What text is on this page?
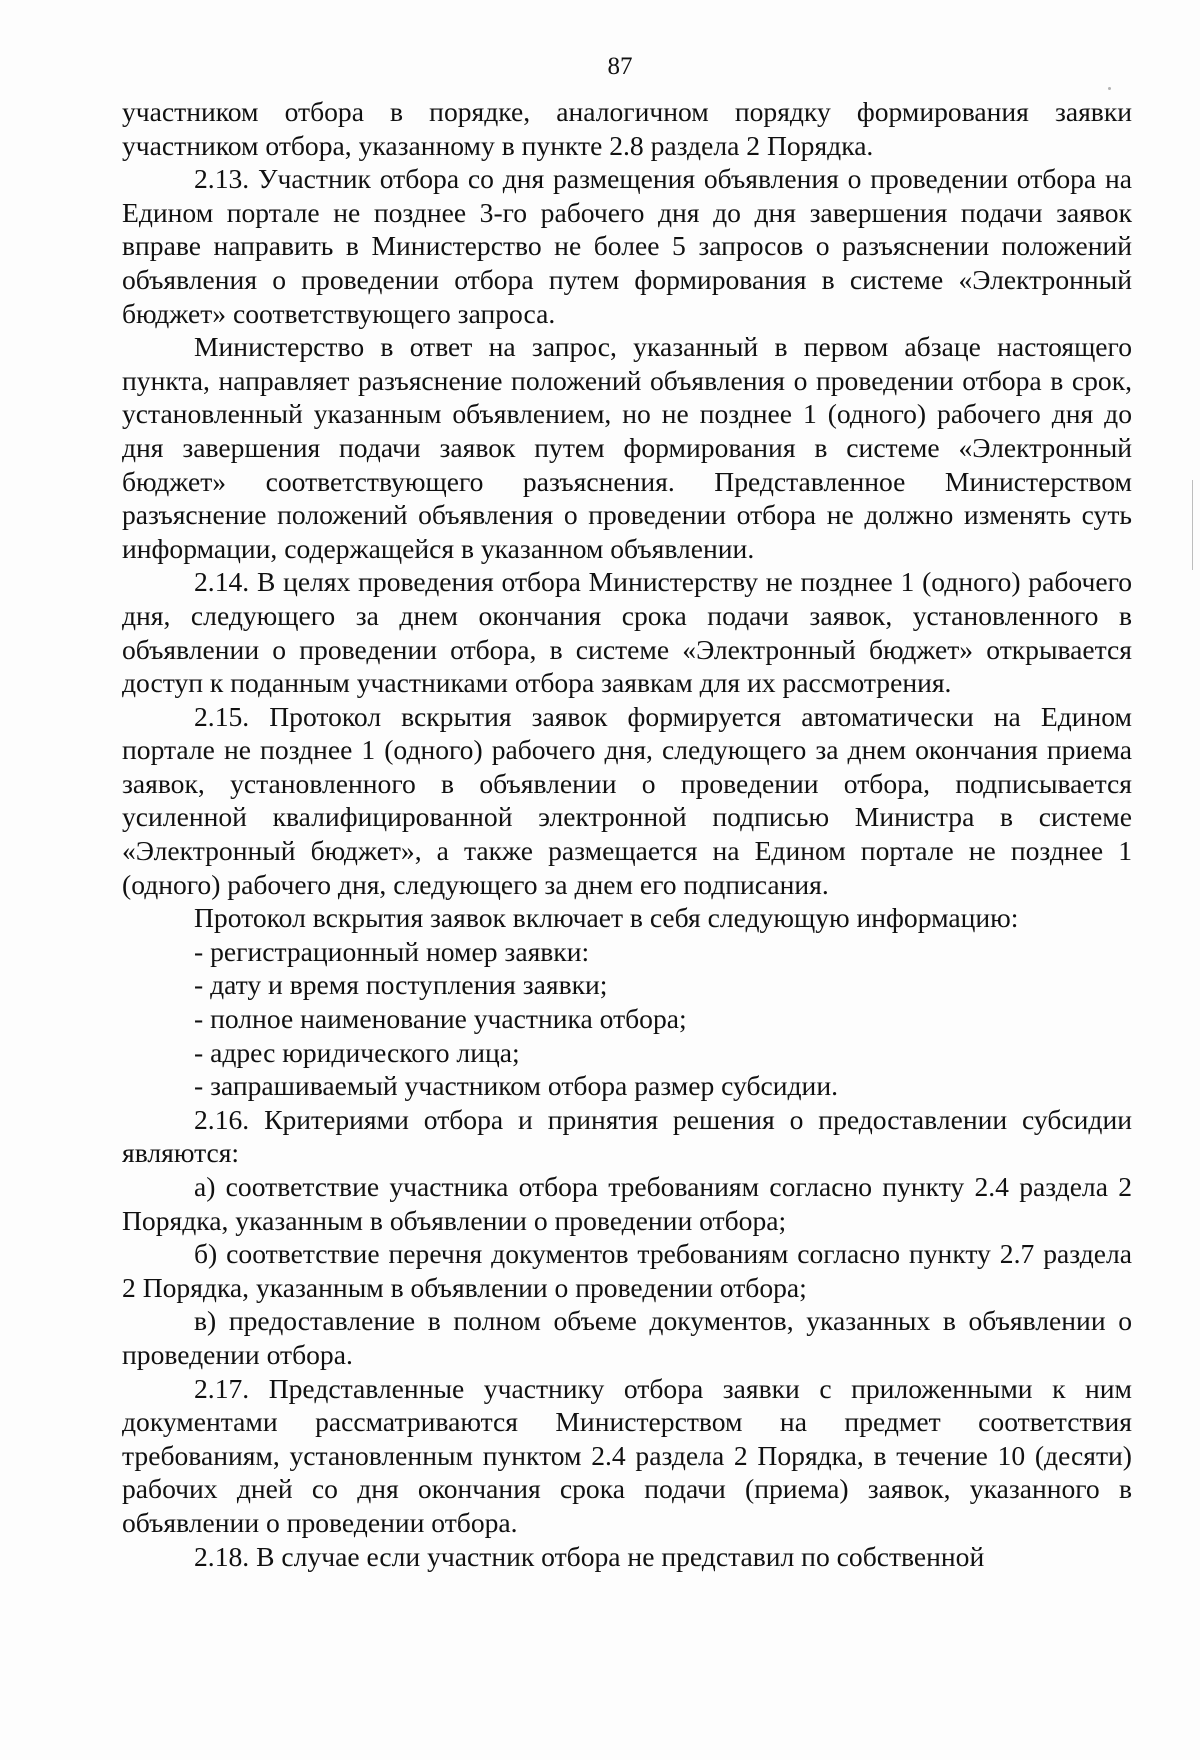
87

участником отбора в порядке, аналогичном порядку формирования заявки участником отбора, указанному в пункте 2.8 раздела 2 Порядка.

2.13. Участник отбора со дня размещения объявления о проведении отбора на Едином портале не позднее 3-го рабочего дня до дня завершения подачи заявок вправе направить в Министерство не более 5 запросов о разъяснении положений объявления о проведении отбора путем формирования в системе «Электронный бюджет» соответствующего запроса.

Министерство в ответ на запрос, указанный в первом абзаце настоящего пункта, направляет разъяснение положений объявления о проведении отбора в срок, установленный указанным объявлением, но не позднее 1 (одного) рабочего дня до дня завершения подачи заявок путем формирования в системе «Электронный бюджет» соответствующего разъяснения. Представленное Министерством разъяснение положений объявления о проведении отбора не должно изменять суть информации, содержащейся в указанном объявлении.

2.14. В целях проведения отбора Министерству не позднее 1 (одного) рабочего дня, следующего за днем окончания срока подачи заявок, установленного в объявлении о проведении отбора, в системе «Электронный бюджет» открывается доступ к поданным участниками отбора заявкам для их рассмотрения.

2.15. Протокол вскрытия заявок формируется автоматически на Едином портале не позднее 1 (одного) рабочего дня, следующего за днем окончания приема заявок, установленного в объявлении о проведении отбора, подписывается усиленной квалифицированной электронной подписью Министра в системе «Электронный бюджет», а также размещается на Едином портале не позднее 1 (одного) рабочего дня, следующего за днем его подписания.

Протокол вскрытия заявок включает в себя следующую информацию:

- регистрационный номер заявки:

- дату и время поступления заявки;

- полное наименование участника отбора;

- адрес юридического лица;

- запрашиваемый участником отбора размер субсидии.

2.16. Критериями отбора и принятия решения о предоставлении субсидии являются:

а) соответствие участника отбора требованиям согласно пункту 2.4 раздела 2 Порядка, указанным в объявлении о проведении отбора;

б) соответствие перечня документов требованиям согласно пункту 2.7 раздела 2 Порядка, указанным в объявлении о проведении отбора;

в) предоставление в полном объеме документов, указанных в объявлении о проведении отбора.

2.17. Представленные участнику отбора заявки с приложенными к ним документами рассматриваются Министерством на предмет соответствия требованиям, установленным пунктом 2.4 раздела 2 Порядка, в течение 10 (десяти) рабочих дней со дня окончания срока подачи (приема) заявок, указанного в объявлении о проведении отбора.

2.18. В случае если участник отбора не представил по собственной
